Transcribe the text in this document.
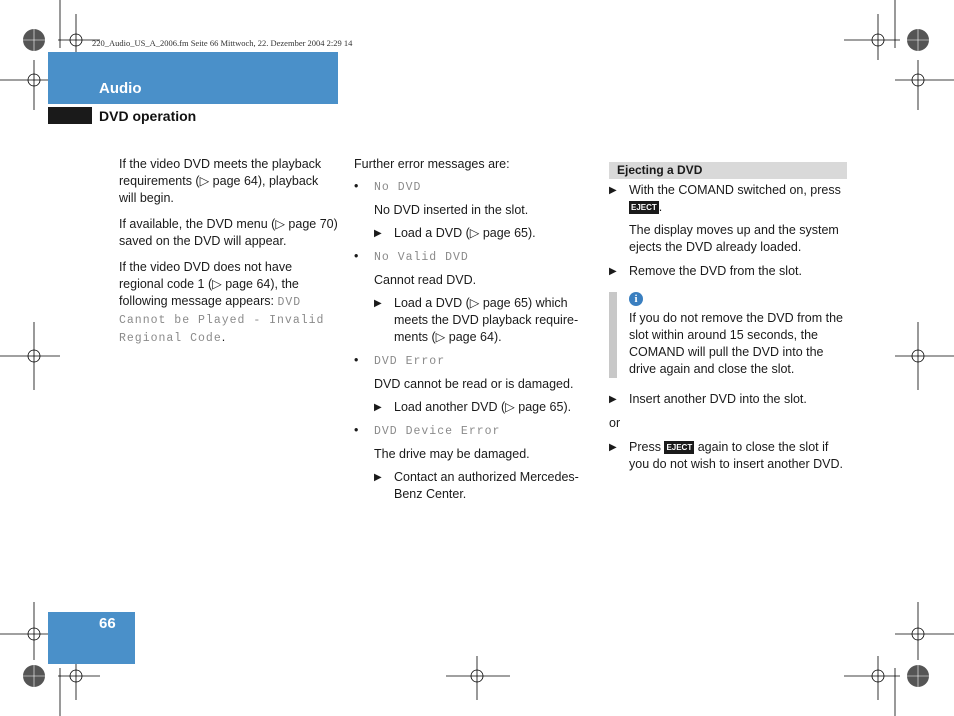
220_Audio_US_A_2006.fm Seite 66 Mittwoch, 22. Dezember 2004 2:29 14
Audio
DVD operation
66

If the video DVD meets the playback requirements (▷ page 64), playback will begin.

If available, the DVD menu (▷ page 70) saved on the DVD will appear.

If the video DVD does not have regional code 1 (▷ page 64), the following message appears: DVD Cannot be Played - Invalid Regional Code.

Further error messages are:
• No DVD
No DVD inserted in the slot.
▶ Load a DVD (▷ page 65).
• No Valid DVD
Cannot read DVD.
▶ Load a DVD (▷ page 65) which meets the DVD playback require-ments (▷ page 64).
• DVD Error
DVD cannot be read or is damaged.
▶ Load another DVD (▷ page 65).
• DVD Device Error
The drive may be damaged.
▶ Contact an authorized Mercedes-Benz Center.
Ejecting a DVD
▶ With the COMAND switched on, press EJECT .
The display moves up and the system ejects the DVD already loaded.
▶ Remove the DVD from the slot.
i
If you do not remove the DVD from the slot within around 15 seconds, the COMAND will pull the DVD into the drive again and close the slot.
▶ Insert another DVD into the slot.
or
▶ Press EJECT again to close the slot if you do not wish to insert another DVD.
